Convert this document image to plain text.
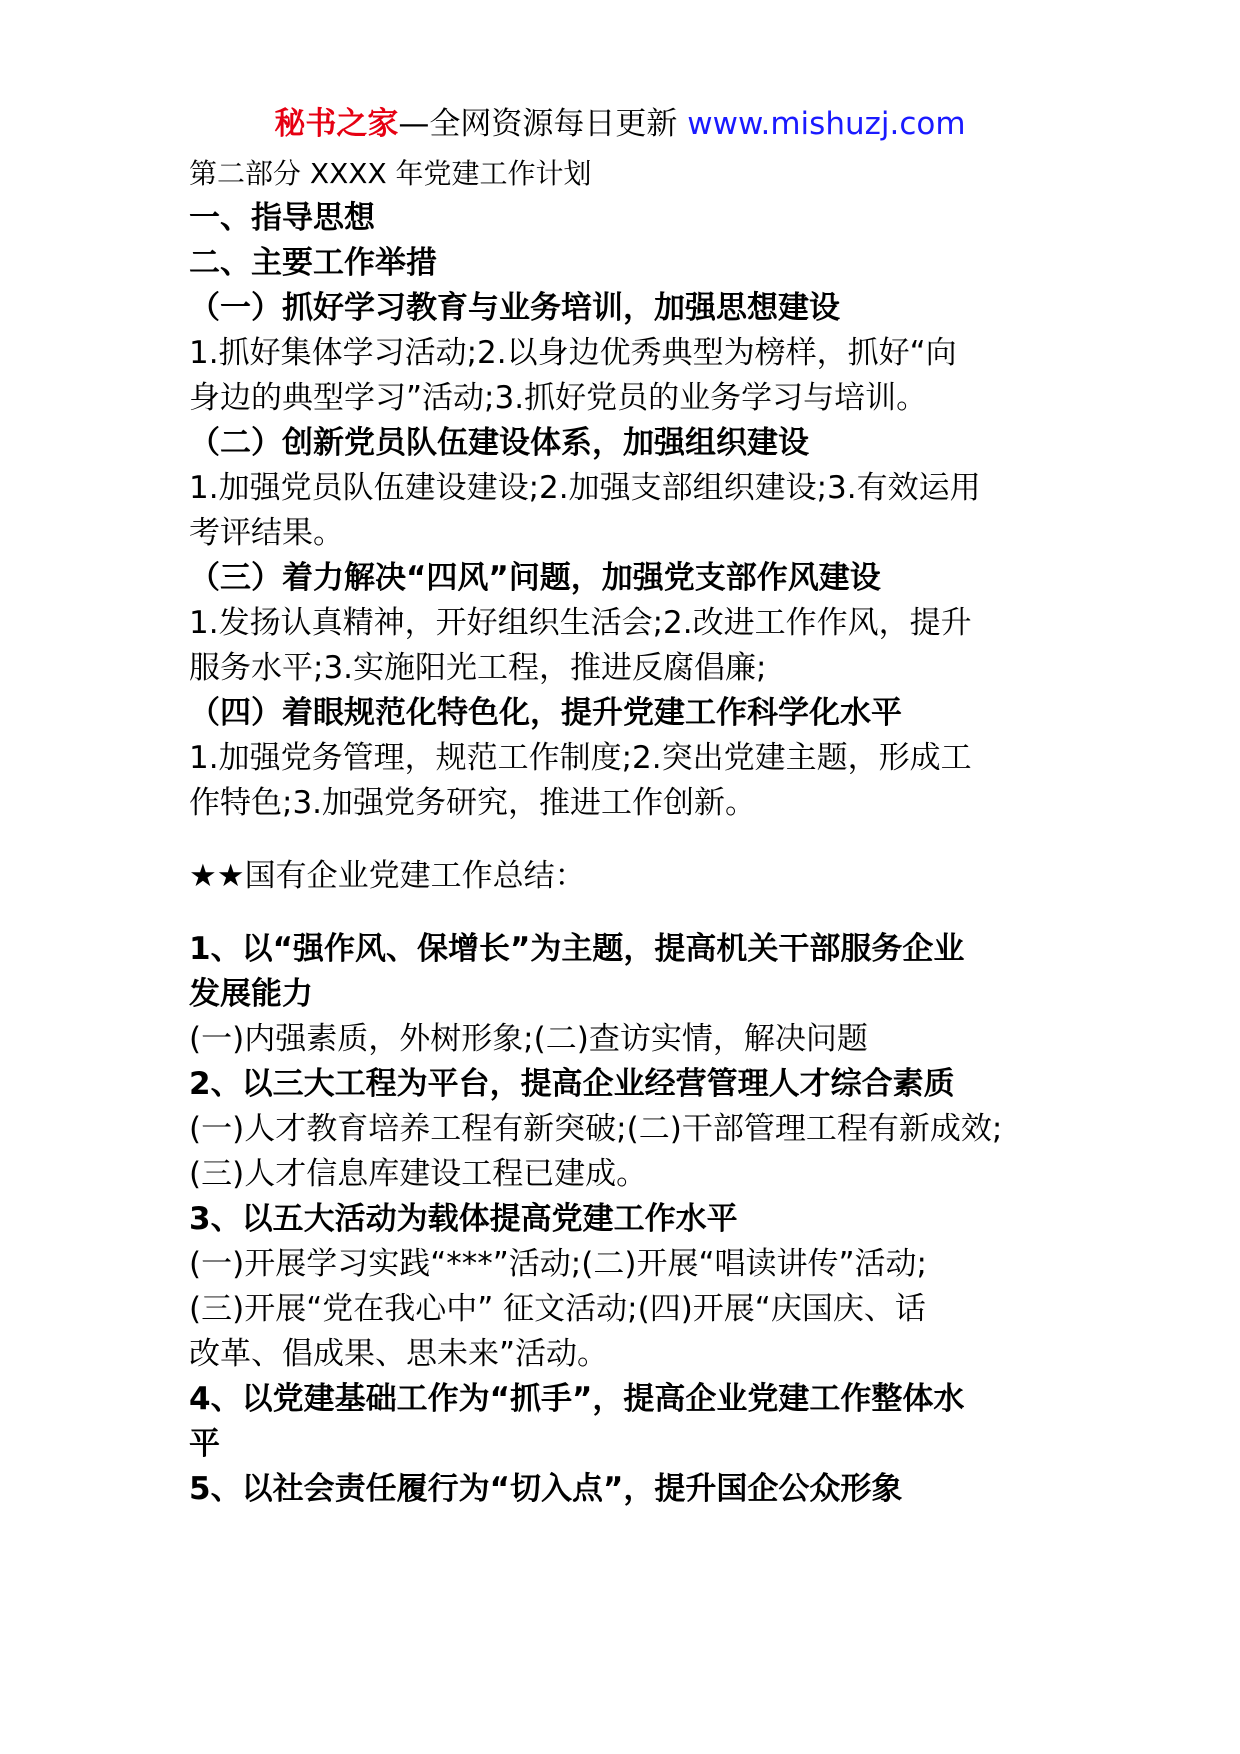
秘书之家—全网资源每日更新 www.mishuzj.com
第二部分 XXXX 年党建工作计划
一、指导思想
二、主要工作举措
（一）抓好学习教育与业务培训，加强思想建设
1.抓好集体学习活动;2.以身边优秀典型为榜样，抓好“向
身边的典型学习”活动;3.抓好党员的业务学习与培训。
（二）创新党员队伍建设体系，加强组织建设
1.加强党员队伍建设建设;2.加强支部组织建设;3.有效运用
考评结果。
（三）着力解决“四风”问题，加强党支部作风建设
1.发扬认真精神，开好组织生活会;2.改进工作作风，提升
服务水平;3.实施阳光工程，推进反腐倡廉;
（四）着眼规范化特色化，提升党建工作科学化水平
1.加强党务管理，规范工作制度;2.突出党建主题，形成工
作特色;3.加强党务研究，推进工作创新。
★★国有企业党建工作总结：
1、以“强作风、保增长”为主题，提高机关干部服务企业
发展能力
(一)内强素质，外树形象;(二)查访实情，解决问题
2、以三大工程为平台，提高企业经营管理人才综合素质
(一)人才教育培养工程有新突破;(二)干部管理工程有新成效;
(三)人才信息库建设工程已建成。
3、以五大活动为载体提高党建工作水平
(一)开展学习实践“***”活动;(二)开展“唱读讲传”活动;
(三)开展“党在我心中” 征文活动;(四)开展“庆国庆、话
改革、倡成果、思未来”活动。
4、以党建基础工作为“抓手”，提高企业党建工作整体水
平
5、以社会责任履行为“切入点”，提升国企公众形象
